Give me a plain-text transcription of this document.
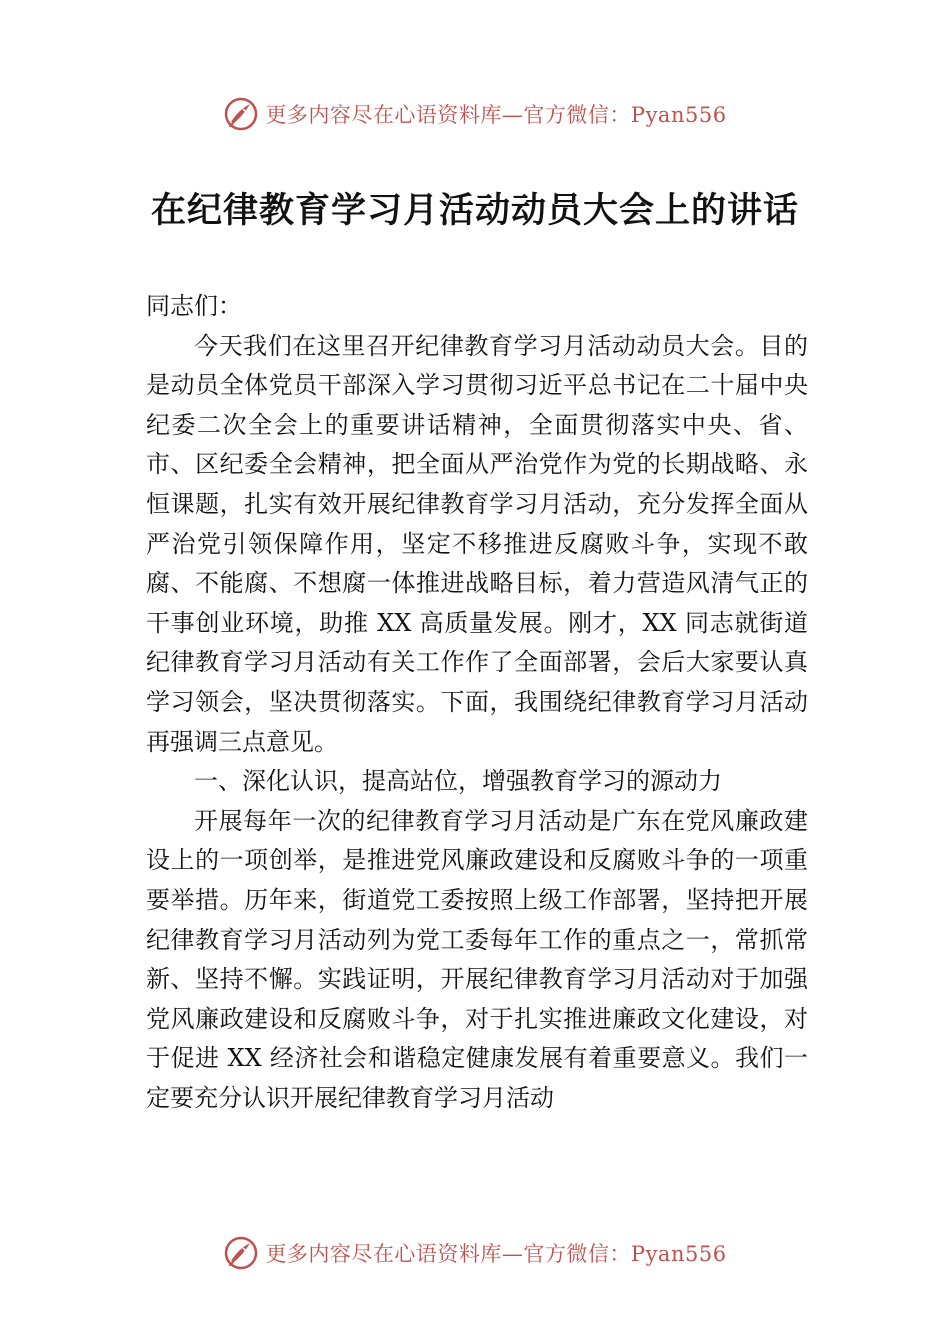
更多内容尽在心语资料库—官方微信：Pyan556
在纪律教育学习月活动动员大会上的讲话

同志们：

今天我们在这里召开纪律教育学习月活动动员大会。目的是动员全体党员干部深入学习贯彻习近平总书记在二十届中央纪委二次全会上的重要讲话精神，全面贯彻落实中央、省、市、区纪委全会精神，把全面从严治党作为党的长期战略、永恒课题，扎实有效开展纪律教育学习月活动，充分发挥全面从严治党引领保障作用，坚定不移推进反腐败斗争，实现不敢腐、不能腐、不想腐一体推进战略目标，着力营造风清气正的干事创业环境，助推 XX 高质量发展。刚才，XX 同志就街道纪律教育学习月活动有关工作作了全面部署，会后大家要认真学习领会，坚决贯彻落实。下面，我围绕纪律教育学习月活动再强调三点意见。

一、深化认识，提高站位，增强教育学习的源动力

开展每年一次的纪律教育学习月活动是广东在党风廉政建设上的一项创举，是推进党风廉政建设和反腐败斗争的一项重要举措。历年来，街道党工委按照上级工作部署，坚持把开展纪律教育学习月活动列为党工委每年工作的重点之一，常抓常新、坚持不懈。实践证明，开展纪律教育学习月活动对于加强党风廉政建设和反腐败斗争，对于扎实推进廉政文化建设，对于促进 XX 经济社会和谐稳定健康发展有着重要意义。我们一定要充分认识开展纪律教育学习月活动

更多内容尽在心语资料库—官方微信：Pyan556
